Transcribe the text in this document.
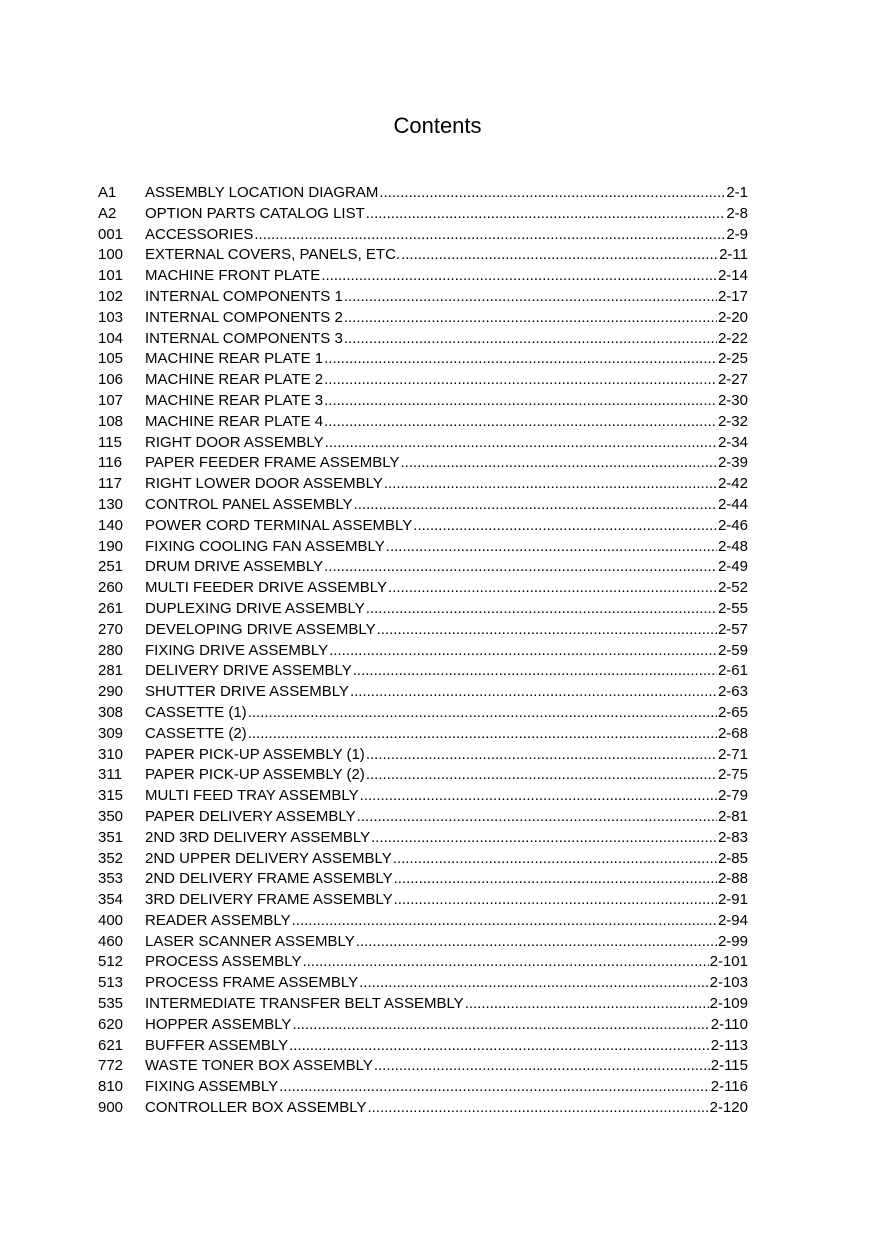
Contents
A1	ASSEMBLY LOCATION DIAGRAM .....	2-1
A2	OPTION PARTS CATALOG LIST .....	2-8
001	ACCESSORIES .....	2-9
100	EXTERNAL COVERS, PANELS, ETC. .....	2-11
101	MACHINE FRONT PLATE .....	2-14
102	INTERNAL COMPONENTS 1 .....	2-17
103	INTERNAL COMPONENTS 2 .....	2-20
104	INTERNAL COMPONENTS 3 .....	2-22
105	MACHINE REAR PLATE 1 .....	2-25
106	MACHINE REAR PLATE 2 .....	2-27
107	MACHINE REAR PLATE 3 .....	2-30
108	MACHINE REAR PLATE 4 .....	2-32
115	RIGHT DOOR ASSEMBLY .....	2-34
116	PAPER FEEDER FRAME ASSEMBLY .....	2-39
117	RIGHT LOWER DOOR ASSEMBLY .....	2-42
130	CONTROL PANEL ASSEMBLY .....	2-44
140	POWER CORD TERMINAL ASSEMBLY .....	2-46
190	FIXING COOLING FAN ASSEMBLY .....	2-48
251	DRUM DRIVE ASSEMBLY .....	2-49
260	MULTI FEEDER DRIVE ASSEMBLY .....	2-52
261	DUPLEXING DRIVE ASSEMBLY .....	2-55
270	DEVELOPING DRIVE ASSEMBLY .....	2-57
280	FIXING DRIVE ASSEMBLY .....	2-59
281	DELIVERY DRIVE ASSEMBLY .....	2-61
290	SHUTTER DRIVE ASSEMBLY .....	2-63
308	CASSETTE (1) .....	2-65
309	CASSETTE (2) .....	2-68
310	PAPER PICK-UP ASSEMBLY (1) .....	2-71
311	PAPER PICK-UP ASSEMBLY (2) .....	2-75
315	MULTI FEED TRAY ASSEMBLY .....	2-79
350	PAPER DELIVERY ASSEMBLY .....	2-81
351	2ND 3RD DELIVERY ASSEMBLY .....	2-83
352	2ND UPPER DELIVERY ASSEMBLY .....	2-85
353	2ND DELIVERY FRAME ASSEMBLY .....	2-88
354	3RD DELIVERY FRAME ASSEMBLY .....	2-91
400	READER ASSEMBLY .....	2-94
460	LASER SCANNER ASSEMBLY .....	2-99
512	PROCESS ASSEMBLY .....	2-101
513	PROCESS FRAME ASSEMBLY .....	2-103
535	INTERMEDIATE TRANSFER BELT ASSEMBLY .....	2-109
620	HOPPER ASSEMBLY .....	2-110
621	BUFFER ASSEMBLY .....	2-113
772	WASTE TONER BOX ASSEMBLY .....	2-115
810	FIXING ASSEMBLY .....	2-116
900	CONTROLLER BOX ASSEMBLY .....	2-120
